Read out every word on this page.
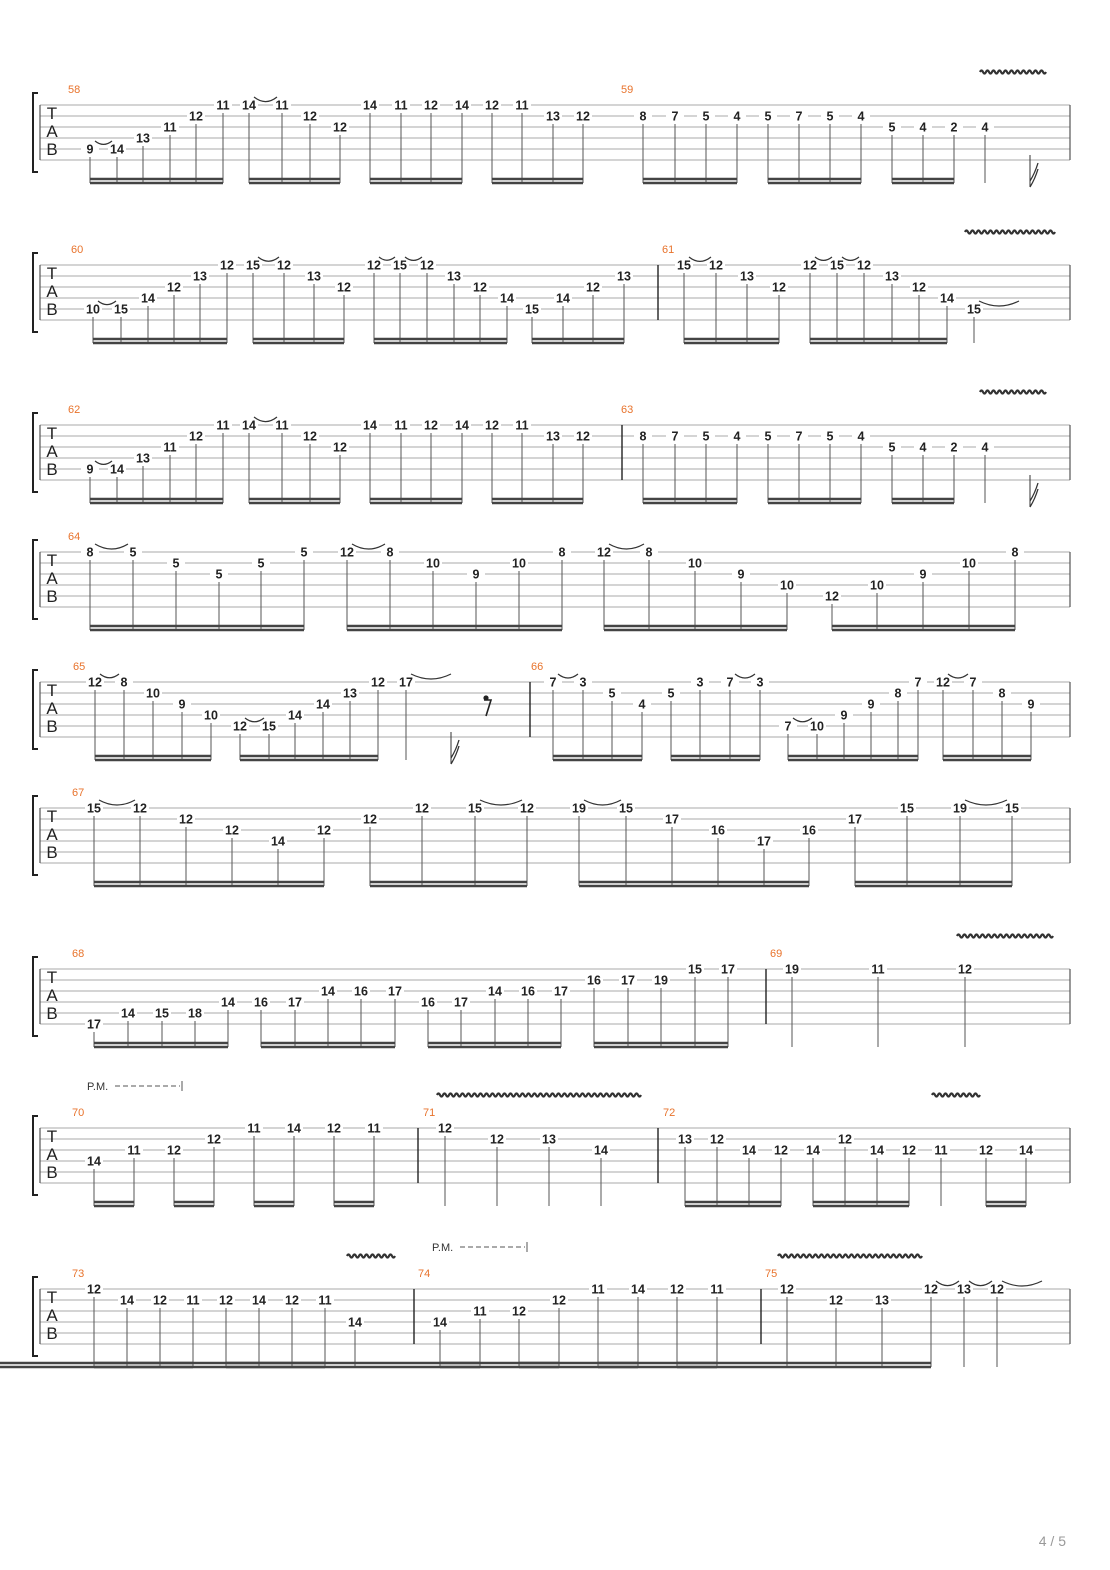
T
A
B
58	59
9 14
13
11
12
11 14 11
12
12
14 11 12 14 12 11
13 12	8 7 5 4 5 7 5 4
5 4 2 4
T
A
B
60	61
10 15
14
12
13
12 15 12
13
12
12 15 12
13
12
14
15
14
12
13
15 12
13
12
12 15 12
13
12
14
15
T
A
B
62	63
9 14
13
11
12
11 14 11
12
12
14 11 12 14 12 11
13 12	8 7 5 4 5 7 5 4
5 4 2 4
T
A
B
64
8	5
5
5
5
5	12	8
10
9
10
8	12	8
10
9
10
12
10
9
10
8
T
A
B
65	66
12 8
10
9
10
12 15
14
14
13
12 17	7 3
5
4
5
3 7 3
7 10
9
9
8
7 12 7
8
9
T
A
B
67
15	12
12
12
14
12
12
12	15	12	19	15
17
16
17
16
17
15	19	15
T
A
B
68	69
17
14 15 18
14 16 17
14 16 17
16 17
14 16 17
16 17 19
15 17	19	11	12
T
A
B
70	71	72
14
11 12
12
11 14 12 11	12
12	13
14
13 12
14 12 14
12
14 12 11	12 14
P.M.
T
A
B
73	74	75
12
14 12 11 12 14 12 11
14	14
11 12
12
11 14 12 11	12
12	13
12 13 12
P.M.
4 / 5
